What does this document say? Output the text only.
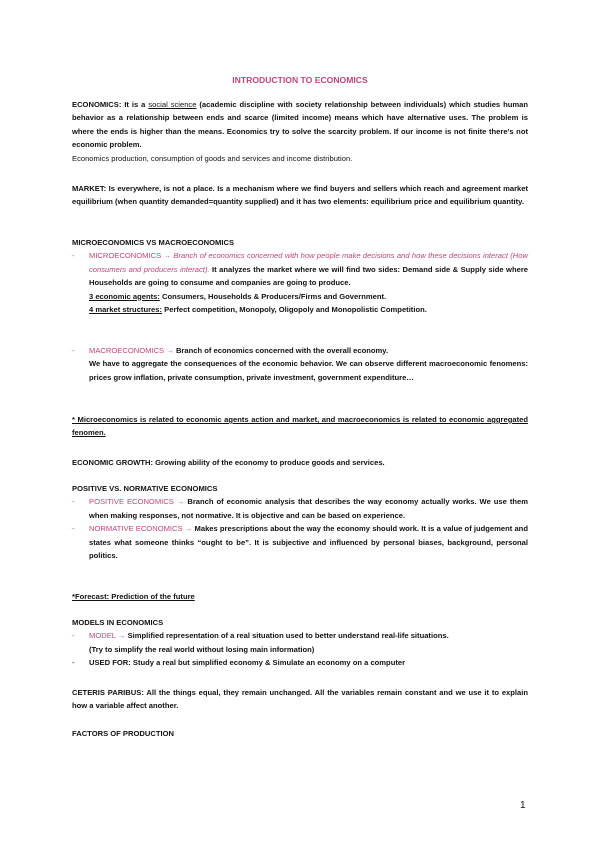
INTRODUCTION TO ECONOMICS
ECONOMICS: It is a social science (academic discipline with society relationship between individuals) which studies human behavior as a relationship between ends and scarce (limited income) means which have alternative uses. The problem is where the ends is higher than the means. Economics try to solve the scarcity problem. If our income is not finite there’s not economic problem.
Economics production, consumption of goods and services and income distribution.
MARKET: Is everywhere, is not a place. Is a mechanism where we find buyers and sellers which reach and agreement market equilibrium (when quantity demanded=quantity supplied) and it has two elements: equilibrium price and equilibrium quantity.
MICROECONOMICS VS MACROECONOMICS
- MICROECONOMICS → Branch of economics concerned with how people make decisions and how these decisions interact (How consumers and producers interact). It analyzes the market where we will find two sides: Demand side & Supply side where Households are going to consume and companies are going to produce.
3 economic agents: Consumers, Households & Producers/Firms and Government.
4 market structures: Perfect competition, Monopoly, Oligopoly and Monopolistic Competition.
- MACROECONOMICS → Branch of economics concerned with the overall economy.
We have to aggregate the consequences of the economic behavior. We can observe different macroeconomic fenomens: prices grow inflation, private consumption, private investment, government expenditure…
* Microeconomics is related to economic agents action and market, and macroeconomics is related to economic aggregated fenomen.
ECONOMIC GROWTH: Growing ability of the economy to produce goods and services.
POSITIVE VS. NORMATIVE ECONOMICS
- POSITIVE ECONOMICS → Branch of economic analysis that describes the way economy actually works. We use them when making responses, not normative. It is objective and can be based on experience.
- NORMATIVE ECONOMICS → Makes prescriptions about the way the economy should work. It is a value of judgement and states what someone thinks “ought to be”. It is subjective and influenced by personal biases, background, personal politics.
*Forecast: Prediction of the future
MODELS IN ECONOMICS
- MODEL → Simplified representation of a real situation used to better understand real-life situations.
(Try to simplify the real world without losing main information)
- USED FOR: Study a real but simplified economy & Simulate an economy on a computer
CETERIS PARIBUS: All the things equal, they remain unchanged. All the variables remain constant and we use it to explain how a variable affect another.
FACTORS OF PRODUCTION
1
